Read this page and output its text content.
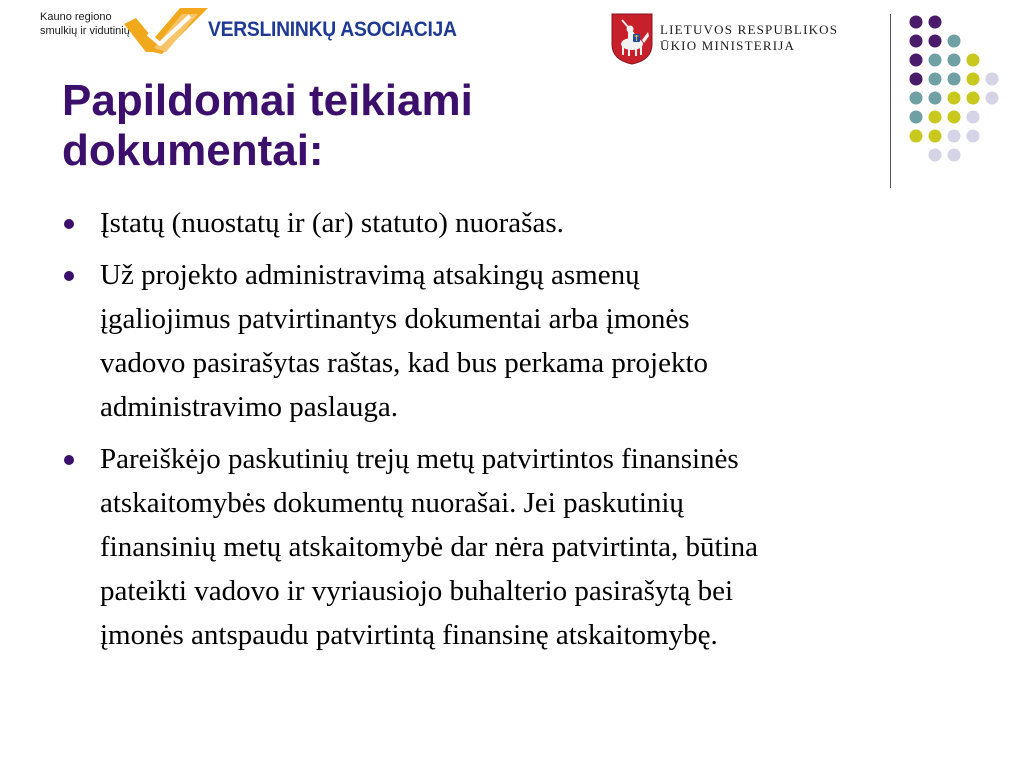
Kauno regiono
smulkių ir vidutinių	VERSLININKŲ ASOCIACIJA	LIETUVOS RESPUBLIKOS
ŪKIO MINISTERIJA
Papildomai teikiami
dokumentai:
Įstatų (nuostatų ir (ar) statuto) nuorašas.
Už projekto administravimą atsakingų asmenų
įgaliojimus patvirtinantys dokumentai arba įmonės
vadovo pasirašytas raštas, kad bus perkama projekto
administravimo paslauga.
Pareiškėjo paskutinių trejų metų patvirtintos finansinės
atskaitomybės dokumentų nuorašai. Jei paskutinių
finansinių metų atskaitomybė dar nėra patvirtinta, būtina
pateikti vadovo ir vyriausiojo buhalterio pasirašytą bei
įmonės antspaudu patvirtintą finansinę atskaitomybę.
